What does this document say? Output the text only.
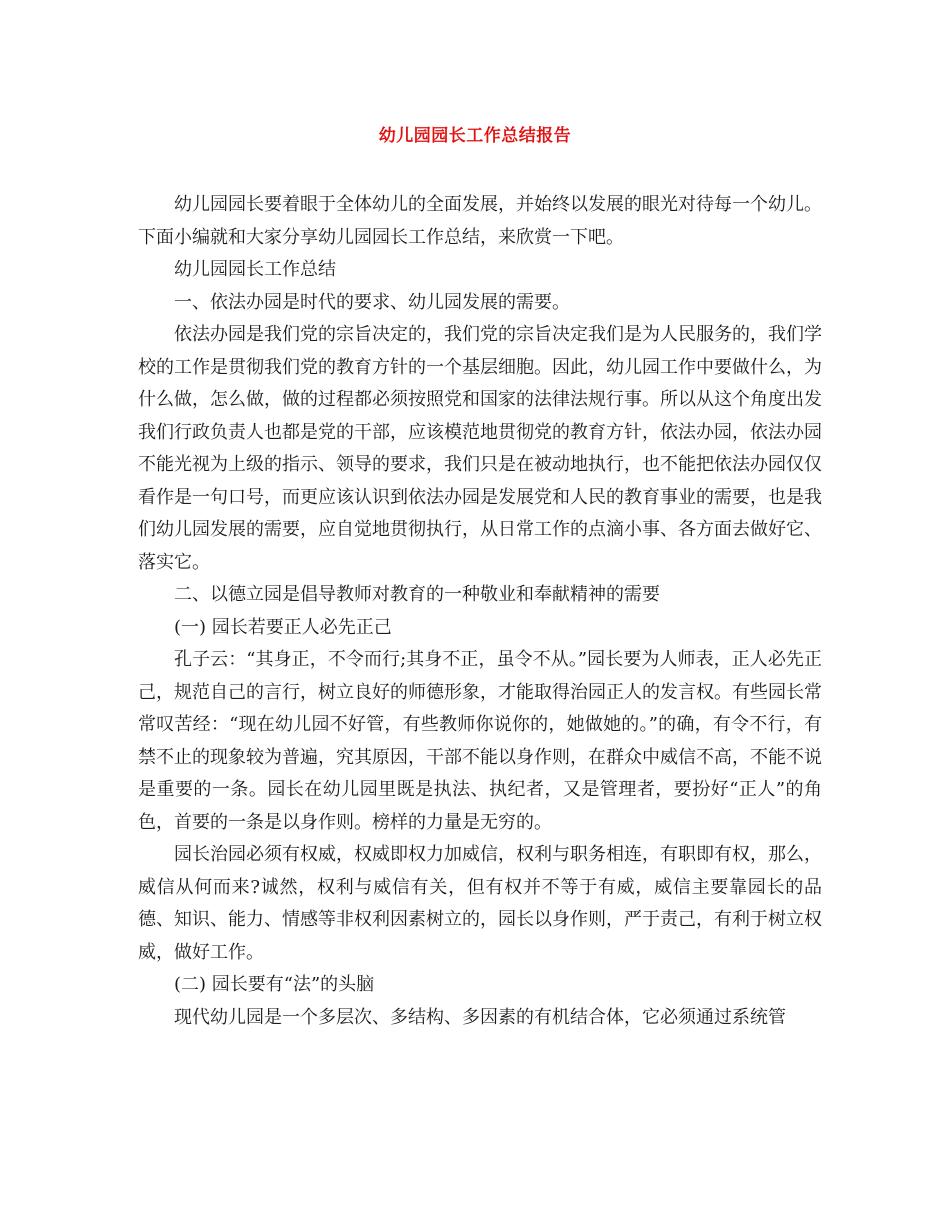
幼儿园园长工作总结报告

幼儿园园长要着眼于全体幼儿的全面发展，并始终以发展的眼光对待每一个幼儿。下面小编就和大家分享幼儿园园长工作总结，来欣赏一下吧。

幼儿园园长工作总结

一、依法办园是时代的要求、幼儿园发展的需要。

依法办园是我们党的宗旨决定的，我们党的宗旨决定我们是为人民服务的，我们学校的工作是贯彻我们党的教育方针的一个基层细胞。因此，幼儿园工作中要做什么，为什么做，怎么做，做的过程都必须按照党和国家的法律法规行事。所以从这个角度出发我们行政负责人也都是党的干部，应该模范地贯彻党的教育方针，依法办园，依法办园不能光视为上级的指示、领导的要求，我们只是在被动地执行，也不能把依法办园仅仅看作是一句口号，而更应该认识到依法办园是发展党和人民的教育事业的需要，也是我们幼儿园发展的需要，应自觉地贯彻执行，从日常工作的点滴小事、各方面去做好它、落实它。

二、以德立园是倡导教师对教育的一种敬业和奉献精神的需要

(一) 园长若要正人必先正己

孔子云：“其身正，不令而行;其身不正，虽令不从。”园长要为人师表，正人必先正己，规范自己的言行，树立良好的师德形象，才能取得治园正人的发言权。有些园长常常叹苦经：“现在幼儿园不好管，有些教师你说你的，她做她的。”的确，有令不行，有禁不止的现象较为普遍，究其原因，干部不能以身作则，在群众中威信不高，不能不说是重要的一条。园长在幼儿园里既是执法、执纪者，又是管理者，要扮好“正人”的角色，首要的一条是以身作则。榜样的力量是无穷的。

园长治园必须有权威，权威即权力加威信，权利与职务相连，有职即有权，那么，威信从何而来?诚然，权利与威信有关，但有权并不等于有威，威信主要靠园长的品德、知识、能力、情感等非权利因素树立的，园长以身作则，严于责己，有利于树立权威，做好工作。

(二) 园长要有“法”的头脑

现代幼儿园是一个多层次、多结构、多因素的有机结合体，它必须通过系统管
